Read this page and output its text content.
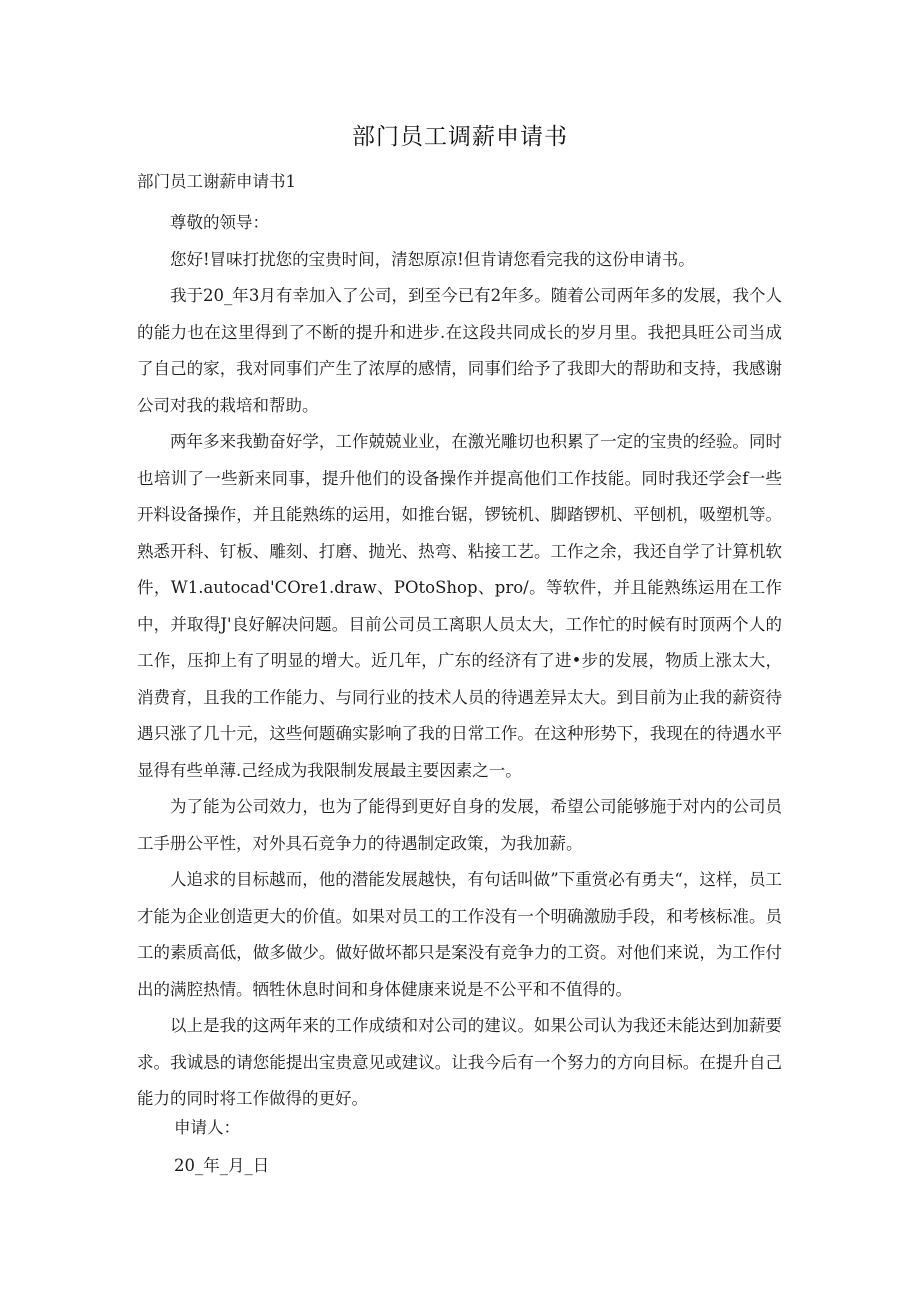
部门员工调薪申请书
部门员工谢薪申请书1

尊敬的领导：

您好!冒味打扰您的宝贵时间，清恕原凉!但肯请您看完我的这份申请书。

我于20_年3月有幸加入了公司，到至今已有2年多。随着公司两年多的发展，我个人的能力也在这里得到了不断的提升和进步.在这段共同成长的岁月里。我把具旺公司当成了自己的家，我对同事们产生了浓厚的感情，同事们给予了我即大的帮助和支持，我感谢公司对我的栽培和帮助。

两年多来我勤奋好学，工作兢兢业业，在激光雕切也积累了一定的宝贵的经验。同时也培训了一些新来同事，提升他们的设备操作并提高他们工作技能。同时我还学会f一些开料设备操作，并且能熟练的运用，如推台锯，锣铳机、脚踏锣机、平刨机，吸塑机等。熟悉开科、钉板、雕刻、打磨、抛光、热弯、粘接工艺。工作之余，我还自学了计算机软件，W1.autocad'COre1.draw、POtoShop、pro/。等软件，并且能熟练运用在工作中，并取得J'良好解决问题。目前公司员工离职人员太大，工作忙的时候有时顶两个人的工作，压抑上有了明显的增大。近几年，广东的经济有了进•步的发展，物质上涨太大，消费育，且我的工作能力、与同行业的技术人员的待遇差异太大。到目前为止我的薪资待遇只涨了几十元，这些何题确实影响了我的日常工作。在这种形势下，我现在的待遇水平显得有些单薄.己经成为我限制发展最主要因素之一。

为了能为公司效力，也为了能得到更好自身的发展，希望公司能够施于对内的公司员工手册公平性，对外具石竞争力的待遇制定政策，为我加薪。

人追求的目标越而，他的潜能发展越快，有句话叫做”下重赏必有勇夫“，这样，员工才能为企业创造更大的价值。如果对员工的工作没有一个明确激励手段，和考核标准。员工的素质高低，做多做少。做好做坏都只是案没有竞争力的工资。对他们来说，为工作付出的满腔热情。牺牲休息时间和身体健康来说是不公平和不值得的。

以上是我的这两年来的工作成绩和对公司的建议。如果公司认为我还未能达到加薪要求。我诚恳的请您能提出宝贵意见或建议。让我今后有一个努力的方向目标。在提升自己能力的同时将工作做得的更好。

申请人：
20_年_月_日
